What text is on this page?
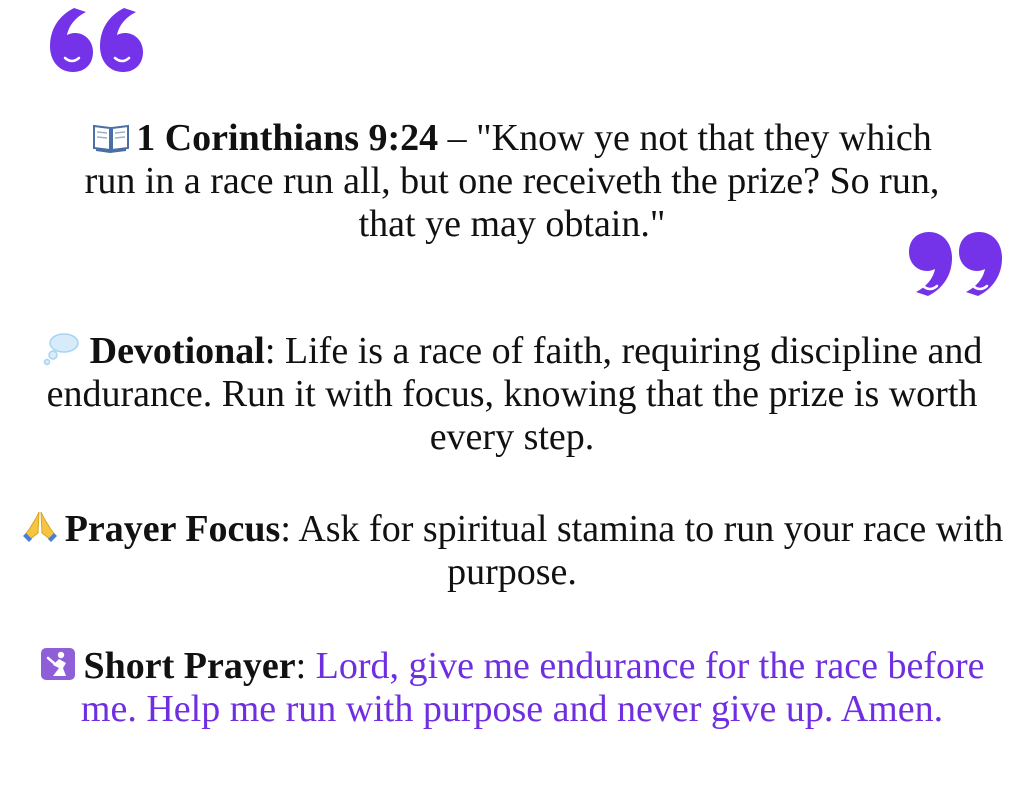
1 Corinthians 9:24 – "Know ye not that they which run in a race run all, but one receiveth the prize? So run, that ye may obtain."
Devotional: Life is a race of faith, requiring discipline and endurance. Run it with focus, knowing that the prize is worth every step.
Prayer Focus: Ask for spiritual stamina to run your race with purpose.
Short Prayer: Lord, give me endurance for the race before me. Help me run with purpose and never give up. Amen.
